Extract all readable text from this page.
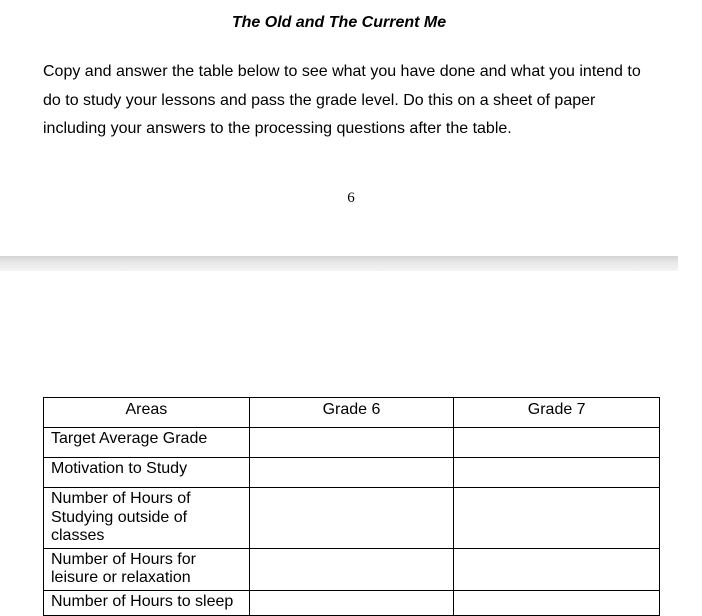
The Old and The Current Me
Copy and answer the table below to see what you have done and what you intend to
do to study your lessons and pass the grade level. Do this on a sheet of paper
including your answers to the processing questions after the table.
6
Areas	Grade 6	Grade 7
Target Average Grade		
Motivation to Study		
Number of Hours of Studying outside of classes		
Number of Hours for leisure or relaxation		
Number of Hours to sleep		
